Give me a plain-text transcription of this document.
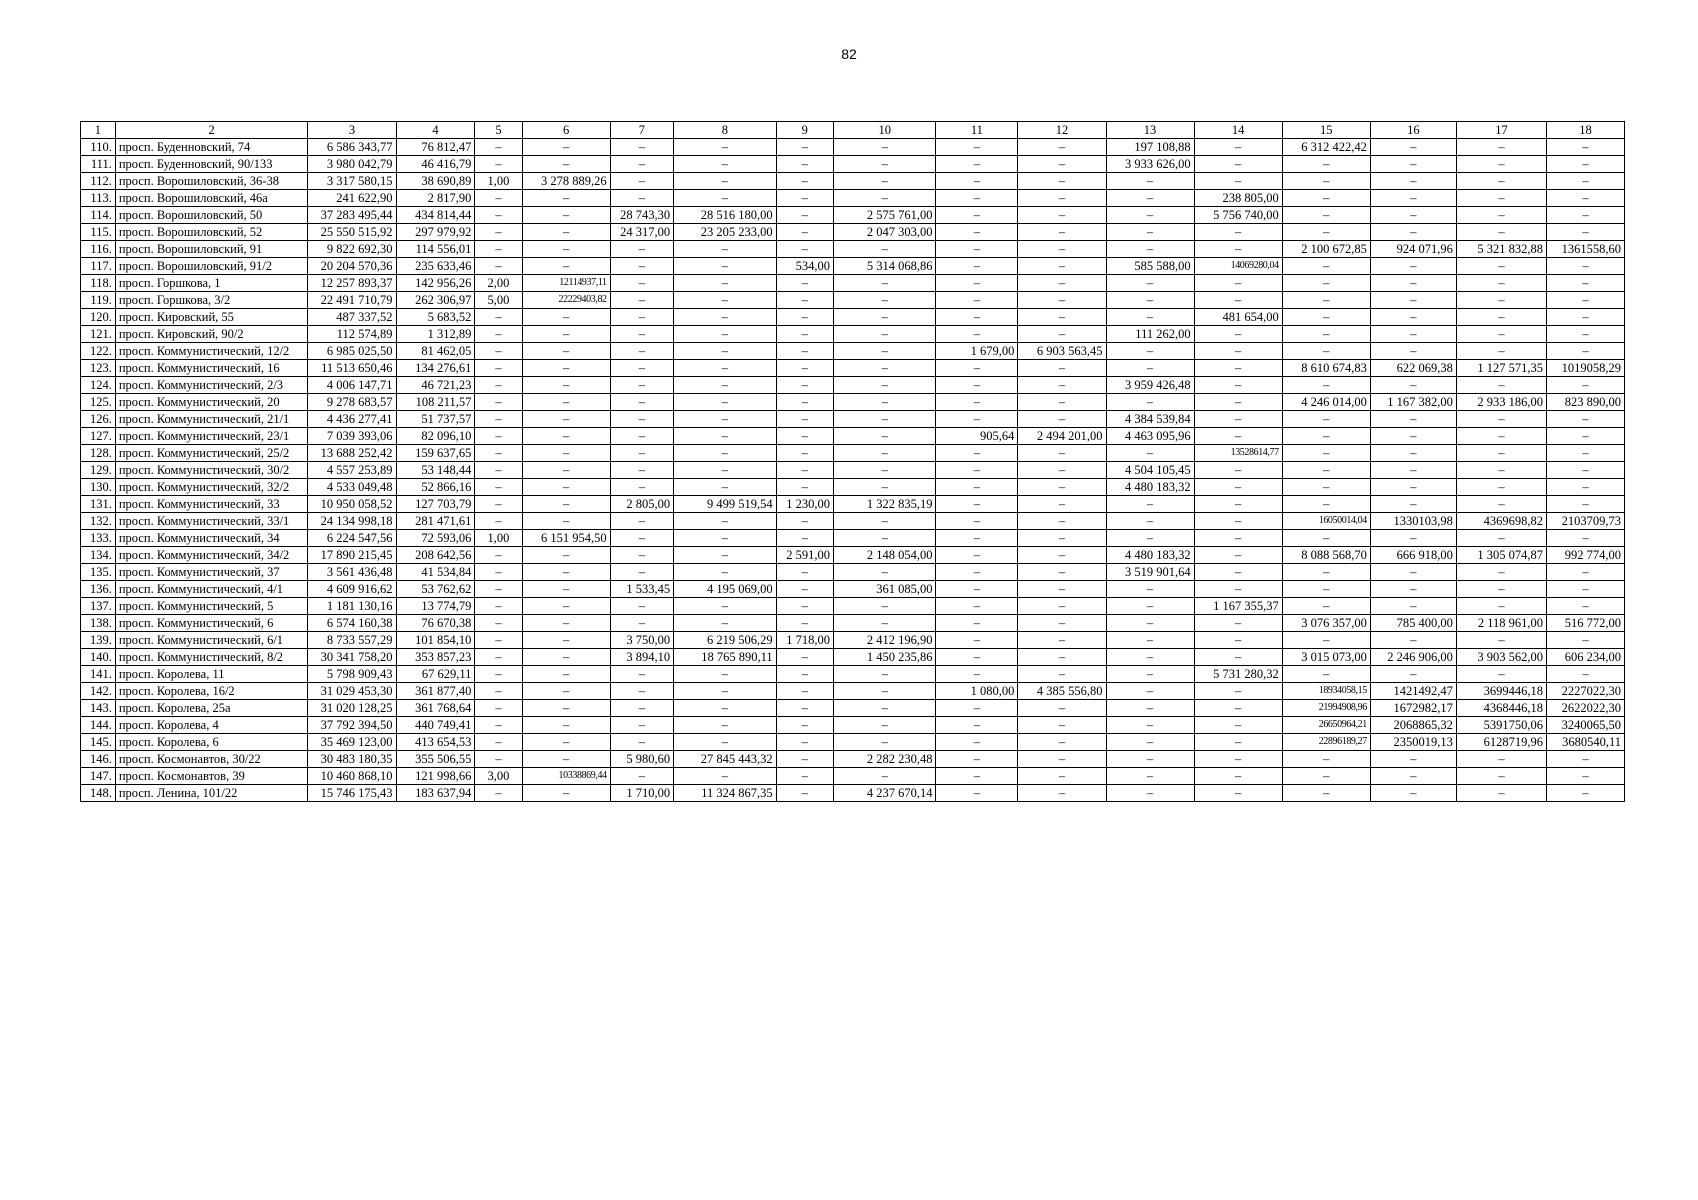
82
1	2	3	4	5	6	7	8	9	10	11	12	13	14	15	16	17	18
110.	просп. Буденновский, 74	6 586 343,77	76 812,47	–	–	–	–	–	–	–	–	197 108,88	–	6 312 422,42	–	–	–
111.	просп. Буденновский, 90/133	3 980 042,79	46 416,79	–	–	–	–	–	–	–	–	3 933 626,00	–	–	–	–	–
112.	просп. Ворошиловский, 36-38	3 317 580,15	38 690,89	1,00	3 278 889,26	–	–	–	–	–	–	–	–	–	–	–	–
113.	просп. Ворошиловский, 46а	241 622,90	2 817,90	–	–	–	–	–	–	–	–	–	238 805,00	–	–	–	–
114.	просп. Ворошиловский, 50	37 283 495,44	434 814,44	–	–	28 743,30	28 516 180,00	–	2 575 761,00	–	–	–	5 756 740,00	–	–	–	–
115.	просп. Ворошиловский, 52	25 550 515,92	297 979,92	–	–	24 317,00	23 205 233,00	–	2 047 303,00	–	–	–	–	–	–	–	–
116.	просп. Ворошиловский, 91	9 822 692,30	114 556,01	–	–	–	–	–	–	–	–	–	–	2 100 672,85	924 071,96	5 321 832,88	1361558,60
117.	просп. Ворошиловский, 91/2	20 204 570,36	235 633,46	–	–	–	–	534,00	5 314 068,86	–	–	585 588,00	14069280,04	–	–	–	–
118.	просп. Горшкова, 1	12 257 893,37	142 956,26	2,00	12114937,11	–	–	–	–	–	–	–	–	–	–	–	–
119.	просп. Горшкова, 3/2	22 491 710,79	262 306,97	5,00	22229403,82	–	–	–	–	–	–	–	–	–	–	–	–
120.	просп. Кировский, 55	487 337,52	5 683,52	–	–	–	–	–	–	–	–	–	481 654,00	–	–	–	–
121.	просп. Кировский, 90/2	112 574,89	1 312,89	–	–	–	–	–	–	–	–	111 262,00	–	–	–	–	–
122.	просп. Коммунистический, 12/2	6 985 025,50	81 462,05	–	–	–	–	–	–	1 679,00	6 903 563,45	–	–	–	–	–	–
123.	просп. Коммунистический, 16	11 513 650,46	134 276,61	–	–	–	–	–	–	–	–	–	–	8 610 674,83	622 069,38	1 127 571,35	1019058,29
124.	просп. Коммунистический, 2/3	4 006 147,71	46 721,23	–	–	–	–	–	–	–	–	3 959 426,48	–	–	–	–	–
125.	просп. Коммунистический, 20	9 278 683,57	108 211,57	–	–	–	–	–	–	–	–	–	–	4 246 014,00	1 167 382,00	2 933 186,00	823 890,00
126.	просп. Коммунистический, 21/1	4 436 277,41	51 737,57	–	–	–	–	–	–	–	–	4 384 539,84	–	–	–	–	–
127.	просп. Коммунистический, 23/1	7 039 393,06	82 096,10	–	–	–	–	–	–	905,64	2 494 201,00	4 463 095,96	–	–	–	–	–
128.	просп. Коммунистический, 25/2	13 688 252,42	159 637,65	–	–	–	–	–	–	–	–	–	13528614,77	–	–	–	–
129.	просп. Коммунистический, 30/2	4 557 253,89	53 148,44	–	–	–	–	–	–	–	–	4 504 105,45	–	–	–	–	–
130.	просп. Коммунистический, 32/2	4 533 049,48	52 866,16	–	–	–	–	–	–	–	–	4 480 183,32	–	–	–	–	–
131.	просп. Коммунистический, 33	10 950 058,52	127 703,79	–	–	2 805,00	9 499 519,54	1 230,00	1 322 835,19	–	–	–	–	–	–	–	–
132.	просп. Коммунистический, 33/1	24 134 998,18	281 471,61	–	–	–	–	–	–	–	–	–	–	16050014,04	1330103,98	4369698,82	2103709,73
133.	просп. Коммунистический, 34	6 224 547,56	72 593,06	1,00	6 151 954,50	–	–	–	–	–	–	–	–	–	–	–	–
134.	просп. Коммунистический, 34/2	17 890 215,45	208 642,56	–	–	–	–	2 591,00	2 148 054,00	–	–	4 480 183,32	–	8 088 568,70	666 918,00	1 305 074,87	992 774,00
135.	просп. Коммунистический, 37	3 561 436,48	41 534,84	–	–	–	–	–	–	–	–	3 519 901,64	–	–	–	–	–
136.	просп. Коммунистический, 4/1	4 609 916,62	53 762,62	–	–	1 533,45	4 195 069,00	–	361 085,00	–	–	–	–	–	–	–	–
137.	просп. Коммунистический, 5	1 181 130,16	13 774,79	–	–	–	–	–	–	–	–	–	1 167 355,37	–	–	–	–
138.	просп. Коммунистический, 6	6 574 160,38	76 670,38	–	–	–	–	–	–	–	–	–	–	3 076 357,00	785 400,00	2 118 961,00	516 772,00
139.	просп. Коммунистический, 6/1	8 733 557,29	101 854,10	–	–	3 750,00	6 219 506,29	1 718,00	2 412 196,90	–	–	–	–	–	–	–	–
140.	просп. Коммунистический, 8/2	30 341 758,20	353 857,23	–	–	3 894,10	18 765 890,11	–	1 450 235,86	–	–	–	–	3 015 073,00	2 246 906,00	3 903 562,00	606 234,00
141.	просп. Королева, 11	5 798 909,43	67 629,11	–	–	–	–	–	–	–	–	–	5 731 280,32	–	–	–	–
142.	просп. Королева, 16/2	31 029 453,30	361 877,40	–	–	–	–	–	–	1 080,00	4 385 556,80	–	–	18934058,15	1421492,47	3699446,18	2227022,30
143.	просп. Королева, 25а	31 020 128,25	361 768,64	–	–	–	–	–	–	–	–	–	–	21994908,96	1672982,17	4368446,18	2622022,30
144.	просп. Королева, 4	37 792 394,50	440 749,41	–	–	–	–	–	–	–	–	–	–	26650964,21	2068865,32	5391750,06	3240065,50
145.	просп. Королева, 6	35 469 123,00	413 654,53	–	–	–	–	–	–	–	–	–	–	22896189,27	2350019,13	6128719,96	3680540,11
146.	просп. Космонавтов, 30/22	30 483 180,35	355 506,55	–	–	5 980,60	27 845 443,32	–	2 282 230,48	–	–	–	–	–	–	–	–
147.	просп. Космонавтов, 39	10 460 868,10	121 998,66	3,00	10338869,44	–	–	–	–	–	–	–	–	–	–	–	–
148.	просп. Ленина, 101/22	15 746 175,43	183 637,94	–	–	1 710,00	11 324 867,35	–	4 237 670,14	–	–	–	–	–	–	–	–
